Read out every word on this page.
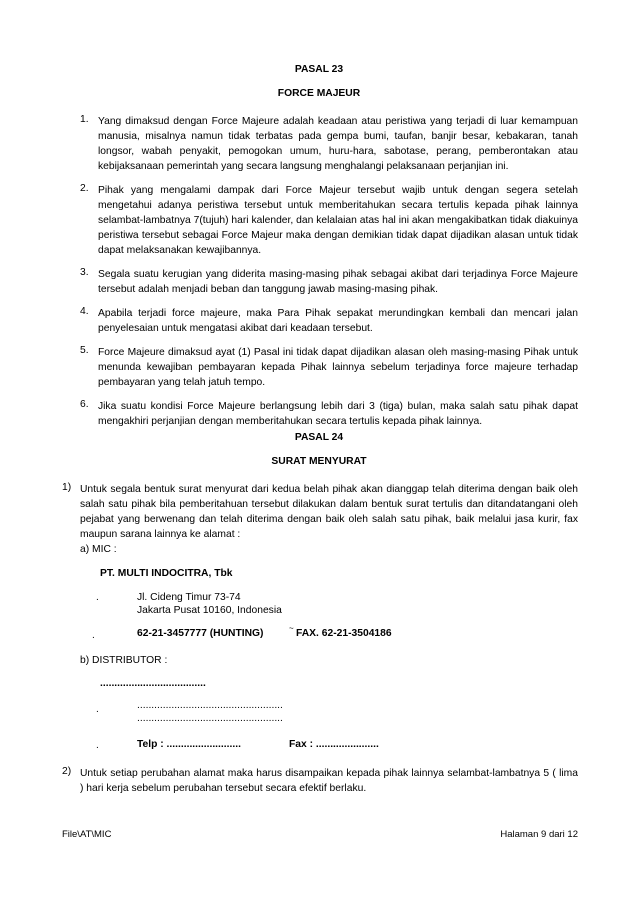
PASAL 23
FORCE MAJEUR
1. Yang dimaksud dengan Force Majeure adalah keadaan atau peristiwa yang terjadi di luar kemampuan manusia, misalnya namun tidak terbatas pada gempa bumi, taufan, banjir besar, kebakaran, tanah longsor, wabah penyakit, pemogokan umum, huru-hara, sabotase, perang, pemberontakan atau kebijaksanaan pemerintah yang secara langsung menghalangi pelaksanaan perjanjian ini.
2. Pihak yang mengalami dampak dari Force Majeur tersebut wajib untuk dengan segera setelah mengetahui adanya peristiwa tersebut untuk memberitahukan secara tertulis kepada pihak lainnya selambat-lambatnya 7(tujuh) hari kalender, dan kelalaian atas hal ini akan mengakibatkan tidak diakuinya peristiwa tersebut sebagai Force Majeur maka dengan demikian tidak dapat dijadikan alasan untuk tidak dapat melaksanakan kewajibannya.
3. Segala suatu kerugian yang diderita masing-masing pihak sebagai akibat dari terjadinya Force Majeure tersebut adalah menjadi beban dan tanggung jawab masing-masing pihak.
4. Apabila terjadi force majeure, maka Para Pihak sepakat merundingkan kembali dan mencari jalan penyelesaian untuk mengatasi akibat dari keadaan tersebut.
5. Force Majeure dimaksud ayat (1) Pasal ini tidak dapat dijadikan alasan oleh masing-masing Pihak untuk menunda kewajiban pembayaran kepada Pihak lainnya sebelum terjadinya force majeure terhadap pembayaran yang telah jatuh tempo.
6. Jika suatu kondisi Force Majeure berlangsung lebih dari 3 (tiga) bulan, maka salah satu pihak dapat mengakhiri perjanjian dengan memberitahukan secara tertulis kepada pihak lainnya.
PASAL 24
SURAT MENYURAT
1) Untuk segala bentuk surat menyurat dari kedua belah pihak akan dianggap telah diterima dengan baik oleh salah satu pihak bila pemberitahuan tersebut dilakukan dalam bentuk surat tertulis dan ditandatangani oleh pejabat yang berwenang dan telah diterima dengan baik oleh salah satu pihak, baik melalui jasa kurir, fax maupun sarana lainnya ke alamat :
a) MIC :
PT. MULTI INDOCITRA, Tbk
.	Jl. Cideng Timur 73-74
Jakarta Pusat 10160, Indonesia
.	62-21-3457777 (HUNTING)	~ FAX. 62-21-3504186
b) DISTRIBUTOR :
.....................................
.	...................................................
...................................................
.	Telp : ..........................	Fax : ......................
2) Untuk setiap perubahan alamat maka harus disampaikan kepada pihak lainnya selambat-lambatnya 5 ( lima ) hari kerja sebelum perubahan tersebut secara efektif berlaku.
File\AT\MIC	Halaman 9 dari 12
